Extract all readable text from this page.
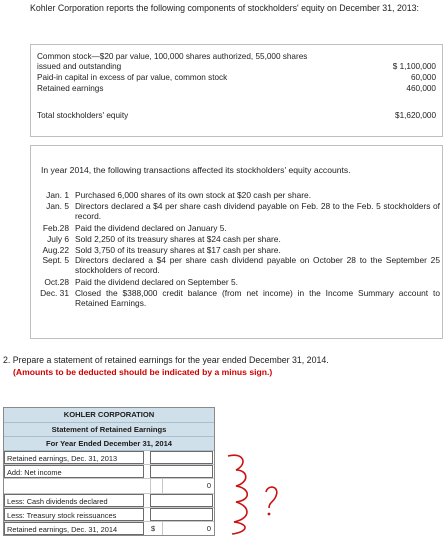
Kohler Corporation reports the following components of stockholders' equity on December 31, 2013:
Common stock—$20 par value, 100,000 shares authorized, 55,000 shares
issued and outstanding	$ 1,100,000
Paid-in capital in excess of par value, common stock	60,000
Retained earnings	460,000
Total stockholders' equity	$1,620,000
In year 2014, the following transactions affected its stockholders' equity accounts.
Jan. 1 Purchased 6,000 shares of its own stock at $20 cash per share.
Jan. 5 Directors declared a $4 per share cash dividend payable on Feb. 28 to the Feb. 5 stockholders of record.
Feb.28 Paid the dividend declared on January 5.
July 6 Sold 2,250 of its treasury shares at $24 cash per share.
Aug.22 Sold 3,750 of its treasury shares at $17 cash per share.
Sept. 5 Directors declared a $4 per share cash dividend payable on October 28 to the September 25 stockholders of record.
Oct.28 Paid the dividend declared on September 5.
Dec. 31 Closed the $388,000 credit balance (from net income) in the Income Summary account to Retained Earnings.
2. Prepare a statement of retained earnings for the year ended December 31, 2014.
(Amounts to be deducted should be indicated by a minus sign.)
KOHLER CORPORATION
Statement of Retained Earnings
For Year Ended December 31, 2014
Retained earnings, Dec. 31, 2013
Add: Net income
0
Less: Cash dividends declared
Less: Treasury stock reissuances
Retained earnings, Dec. 31, 2014	$	0
?
